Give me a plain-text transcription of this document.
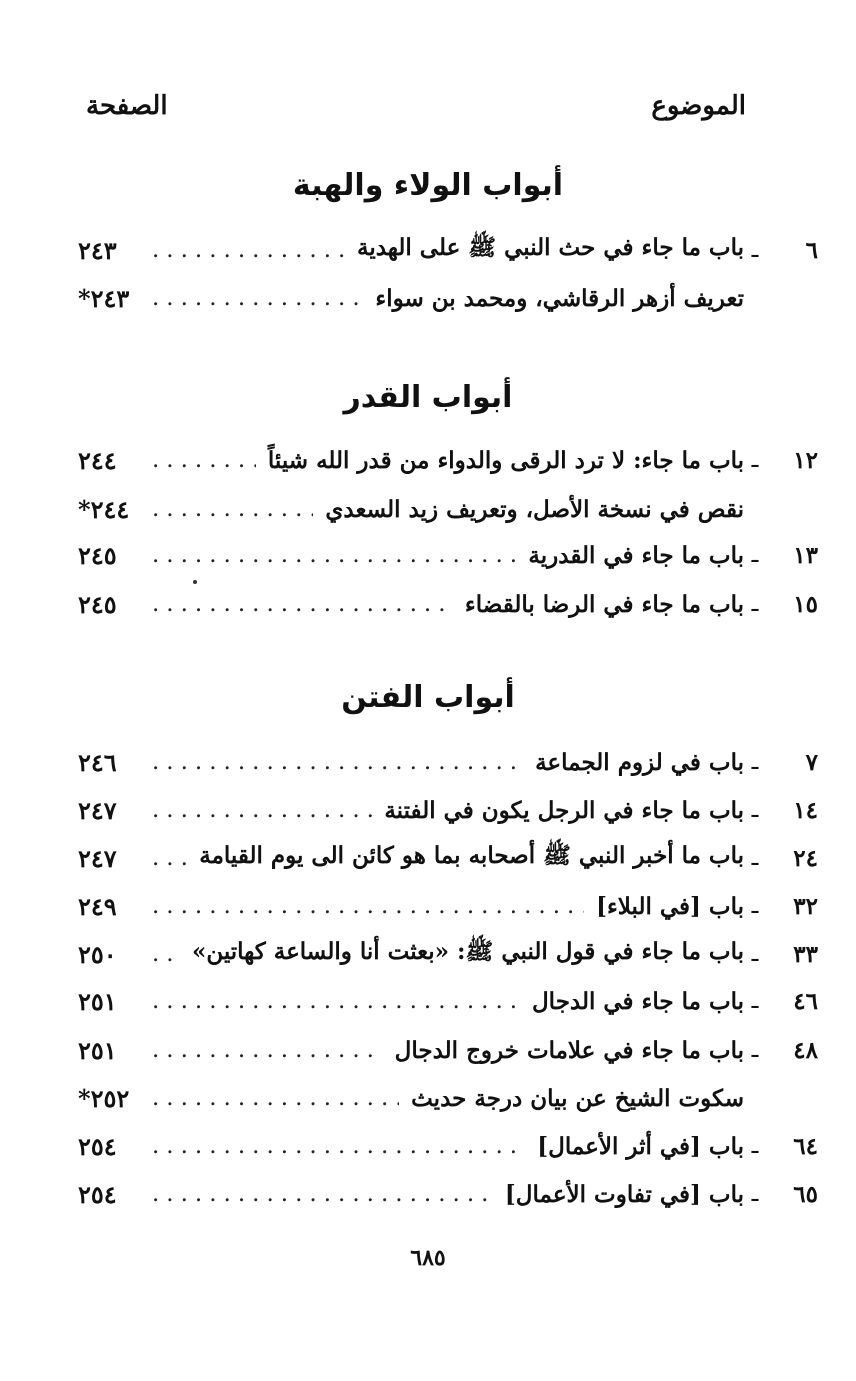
الموضوع
الصفحة
أبواب الولاء والهبة
٦
ـ
باب ما جاء في حث النبي ﷺ على الهدية
.....
٢٤٣
تعريف أزهر الرقاشي، ومحمد بن سواء
.....
٢٤٣*
أبواب القدر
١٢
ـ
باب ما جاء: لا ترد الرقى والدواء من قدر الله شيئاً
.....
٢٤٤
نقص في نسخة الأصل، وتعريف زيد السعدي
.....
٢٤٤*
١٣
ـ
باب ما جاء في القدرية
.....
٢٤٥
١٥
ـ
باب ما جاء في الرضا بالقضاء
.....
٢٤٥
أبواب الفتن
٧
ـ
باب في لزوم الجماعة
.....
٢٤٦
١٤
ـ
باب ما جاء في الرجل يكون في الفتنة
.....
٢٤٧
٢٤
ـ
باب ما أخبر النبي ﷺ أصحابه بما هو كائن الى يوم القيامة
.....
٢٤٧
٣٢
ـ
باب [في البلاء]
.....
٢٤٩
٣٣
ـ
باب ما جاء في قول النبي ﷺ: «بعثت أنا والساعة كهاتين»
.....
٢٥٠
٤٦
ـ
باب ما جاء في الدجال
.....
٢٥١
٤٨
ـ
باب ما جاء في علامات خروج الدجال
.....
٢٥١
سكوت الشيخ عن بيان درجة حديث
.....
٢٥٢*
٦٤
ـ
باب [في أثر الأعمال]
.....
٢٥٤
٦٥
ـ
باب [في تفاوت الأعمال]
.....
٢٥٤
٦٨٥
